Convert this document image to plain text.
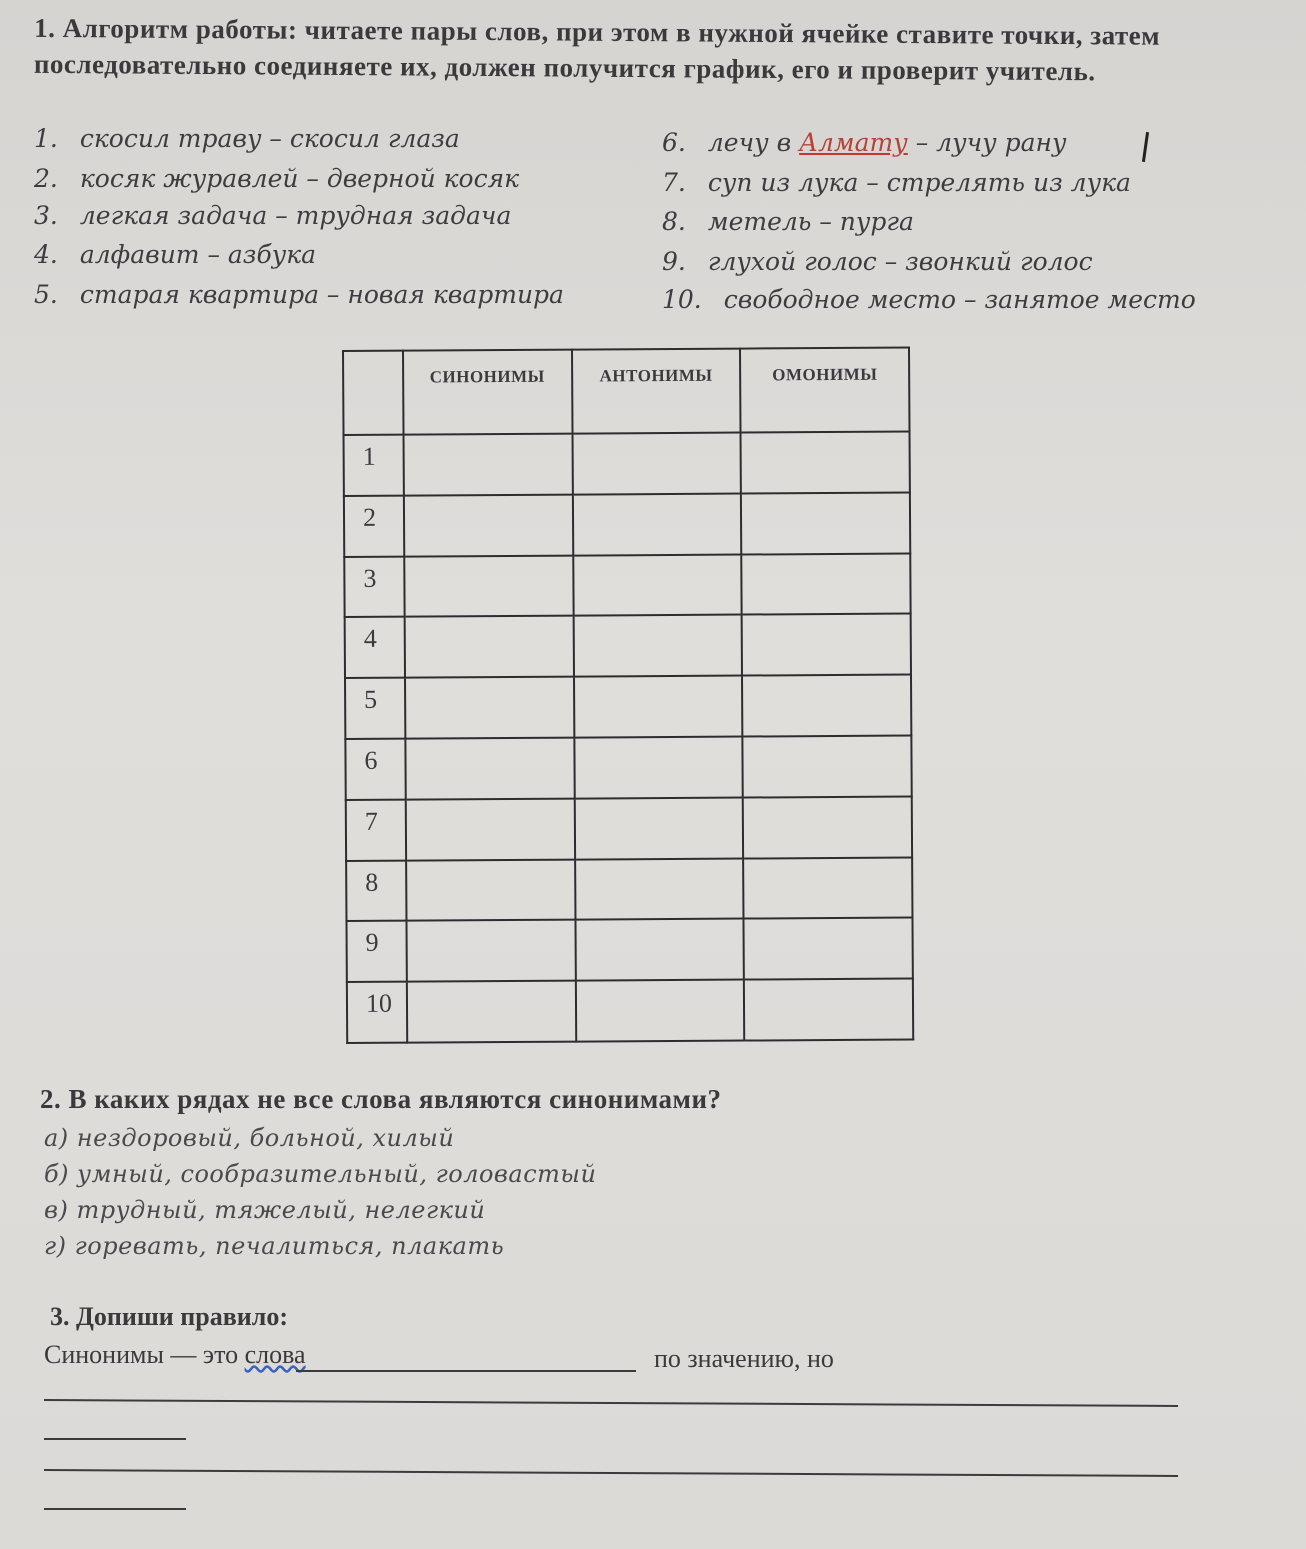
1. Алгоритм работы: читаете пары слов, при этом в нужной ячейке ставите точки, затем последовательно соединяете их, должен получится график, его и проверит учитель.
1. скосил траву – скосил глаза
2. косяк журавлей – дверной косяк
3. легкая задача – трудная задача
4. алфавит – азбука
5. старая квартира – новая квартира
6. лечу в Алмату – лучу рану
7. суп из лука – стрелять из лука
8. метель – пурга
9. глухой голос – звонкий голос
10. свободное место – занятое место
	СИНОНИМЫ	АНТОНИМЫ	ОМОНИМЫ
1			
2			
3			
4			
5			
6			
7			
8			
9			
10			
2. В каких рядах не все слова являются синонимами?
а) нездоровый, больной, хилый
б) умный, сообразительный, головастый
в) трудный, тяжелый, нелегкий
г) горевать, печалиться, плакать
3. Допиши правило:
Синонимы — это слова	по значению, но
